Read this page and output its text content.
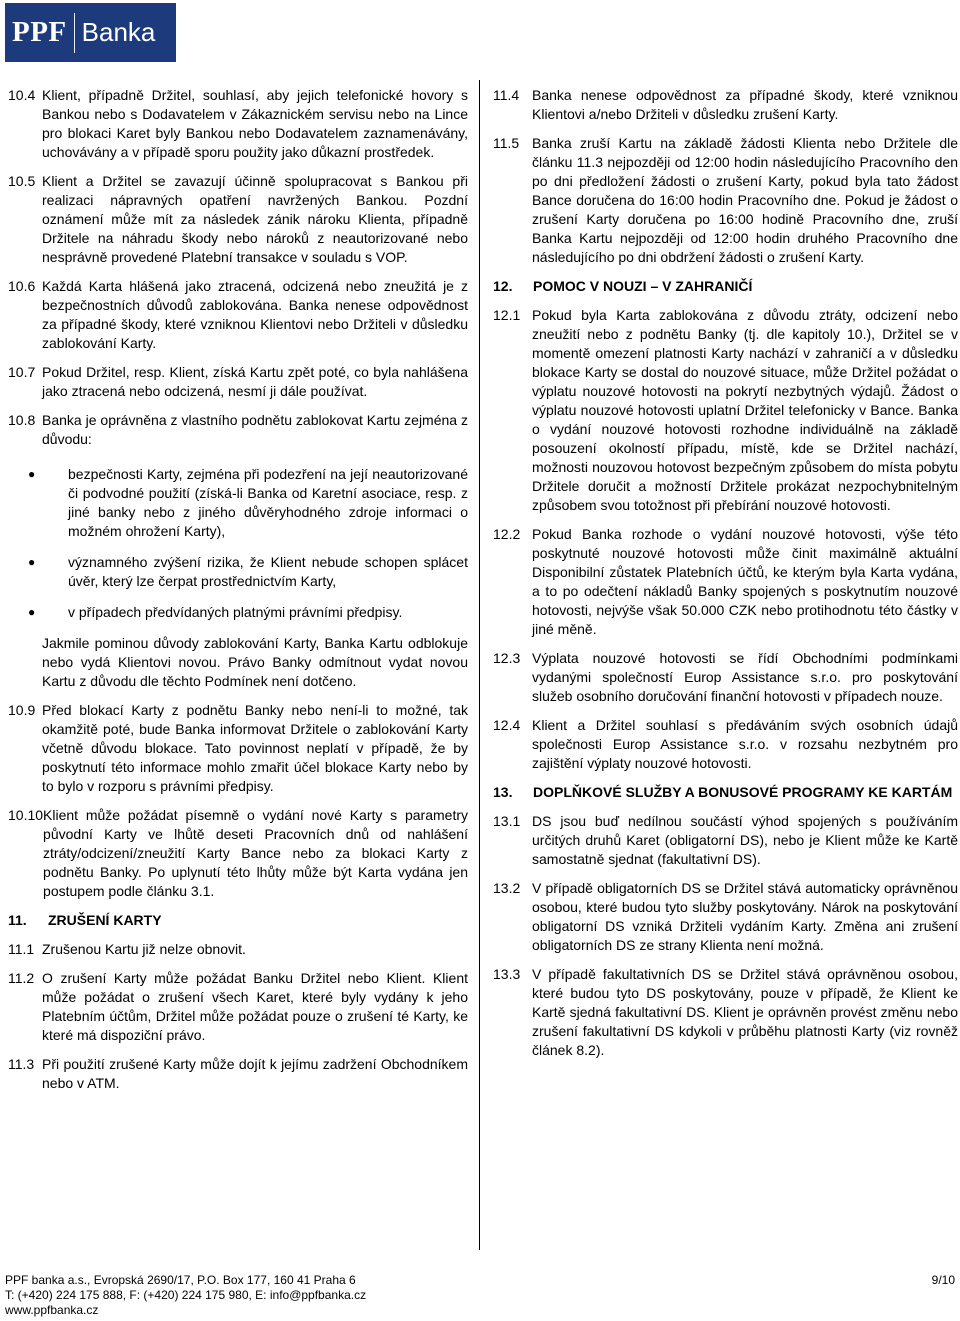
PPF Banka
10.4 Klient, případně Držitel, souhlasí, aby jejich telefonické hovory s Bankou nebo s Dodavatelem v Zákaznickém servisu nebo na Lince pro blokaci Karet byly Bankou nebo Dodavatelem zaznamenávány, uchovávány a v případě sporu použity jako důkazní prostředek.
10.5 Klient a Držitel se zavazují účinně spolupracovat s Bankou při realizaci nápravných opatření navržených Bankou. Pozdní oznámení může mít za následek zánik nároku Klienta, případně Držitele na náhradu škody nebo nároků z neautorizované nebo nesprávně provedené Platební transakce v souladu s VOP.
10.6 Každá Karta hlášená jako ztracená, odcizená nebo zneužitá je z bezpečnostních důvodů zablokována. Banka nenese odpovědnost za případné škody, které vzniknou Klientovi nebo Držiteli v důsledku zablokování Karty.
10.7 Pokud Držitel, resp. Klient, získá Kartu zpět poté, co byla nahlášena jako ztracená nebo odcizená, nesmí ji dále používat.
10.8 Banka je oprávněna z vlastního podnětu zablokovat Kartu zejména z důvodu:
●	bezpečnosti Karty, zejména při podezření na její neautorizované či podvodné použití (získá-li Banka od Karetní asociace, resp. z jiné banky nebo z jiného důvěryhodného zdroje informaci o možném ohrožení Karty),
●	významného zvýšení rizika, že Klient nebude schopen splácet úvěr, který lze čerpat prostřednictvím Karty,
●	v případech předvídaných platnými právními předpisy.
Jakmile pominou důvody zablokování Karty, Banka Kartu odblokuje nebo vydá Klientovi novou. Právo Banky odmítnout vydat novou Kartu z důvodu dle těchto Podmínek není dotčeno.
10.9 Před blokací Karty z podnětu Banky nebo není-li to možné, tak okamžitě poté, bude Banka informovat Držitele o zablokování Karty včetně důvodu blokace. Tato povinnost neplatí v případě, že by poskytnutí této informace mohlo zmařit účel blokace Karty nebo by to bylo v rozporu s právními předpisy.
10.10 Klient může požádat písemně o vydání nové Karty s parametry původní Karty ve lhůtě deseti Pracovních dnů od nahlášení ztráty/odcizení/zneužití Karty Bance nebo za blokaci Karty z podnětu Banky. Po uplynutí této lhůty může být Karta vydána jen postupem podle článku 3.1.
11.	ZRUŠENÍ KARTY
11.1 Zrušenou Kartu již nelze obnovit.
11.2 O zrušení Karty může požádat Banku Držitel nebo Klient. Klient může požádat o zrušení všech Karet, které byly vydány k jeho Platebním účtům, Držitel může požádat pouze o zrušení té Karty, ke které má dispoziční právo.
11.3 Při použití zrušené Karty může dojít k jejímu zadržení Obchodníkem nebo v ATM.
11.4 Banka nenese odpovědnost za případné škody, které vzniknou Klientovi a/nebo Držiteli v důsledku zrušení Karty.
11.5 Banka zruší Kartu na základě žádosti Klienta nebo Držitele dle článku 11.3 nejpozději od 12:00 hodin následujícího Pracovního den po dni předložení žádosti o zrušení Karty, pokud byla tato žádost Bance doručena do 16:00 hodin Pracovního dne. Pokud je žádost o zrušení Karty doručena po 16:00 hodině Pracovního dne, zruší Banka Kartu nejpozději od 12:00 hodin druhého Pracovního dne následujícího po dni obdržení žádosti o zrušení Karty.
12.	POMOC V NOUZI – V ZAHRANIČÍ
12.1 Pokud byla Karta zablokována z důvodu ztráty, odcizení nebo zneužití nebo z podnětu Banky (tj. dle kapitoly 10.), Držitel se v momentě omezení platnosti Karty nachází v zahraničí a v důsledku blokace Karty se dostal do nouzové situace, může Držitel požádat o výplatu nouzové hotovosti na pokrytí nezbytných výdajů. Žádost o výplatu nouzové hotovosti uplatní Držitel telefonicky v Bance. Banka o vydání nouzové hotovosti rozhodne individuálně na základě posouzení okolností případu, místě, kde se Držitel nachází, možnosti nouzovou hotovost bezpečným způsobem do místa pobytu Držitele doručit a možností Držitele prokázat nezpochybnitelným způsobem svou totožnost při přebírání nouzové hotovosti.
12.2 Pokud Banka rozhode o vydání nouzové hotovosti, výše této poskytnuté nouzové hotovosti může činit maximálně aktuální Disponibilní zůstatek Platebních účtů, ke kterým byla Karta vydána, a to po odečtení nákladů Banky spojených s poskytnutím nouzové hotovosti, nejvýše však 50.000 CZK nebo protihodnotu této částky v jiné měně.
12.3 Výplata nouzové hotovosti se řídí Obchodními podmínkami vydanými společností Europ Assistance s.r.o. pro poskytování služeb osobního doručování finanční hotovosti v případech nouze.
12.4 Klient a Držitel souhlasí s předáváním svých osobních údajů společnosti Europ Assistance s.r.o. v rozsahu nezbytném pro zajištění výplaty nouzové hotovosti.
13.	DOPLŇKOVÉ SLUŽBY A BONUSOVÉ PROGRAMY KE KARTÁM
13.1 DS jsou buď nedílnou součástí výhod spojených s používáním určitých druhů Karet (obligatorní DS), nebo je Klient může ke Kartě samostatně sjednat (fakultativní DS).
13.2 V případě obligatorních DS se Držitel stává automaticky oprávněnou osobou, které budou tyto služby poskytovány. Nárok na poskytování obligatorní DS vzniká Držiteli vydáním Karty. Změna ani zrušení obligatorních DS ze strany Klienta není možná.
13.3 V případě fakultativních DS se Držitel stává oprávněnou osobou, které budou tyto DS poskytovány, pouze v případě, že Klient ke Kartě sjedná fakultativní DS. Klient je oprávněn provést změnu nebo zrušení fakultativní DS kdykoli v průběhu platnosti Karty (viz rovněž článek 8.2).
PPF banka a.s., Evropská 2690/17, P.O. Box 177, 160 41 Praha 6
T: (+420) 224 175 888, F: (+420) 224 175 980, E: info@ppfbanka.cz
www.ppfbanka.cz
9/10
